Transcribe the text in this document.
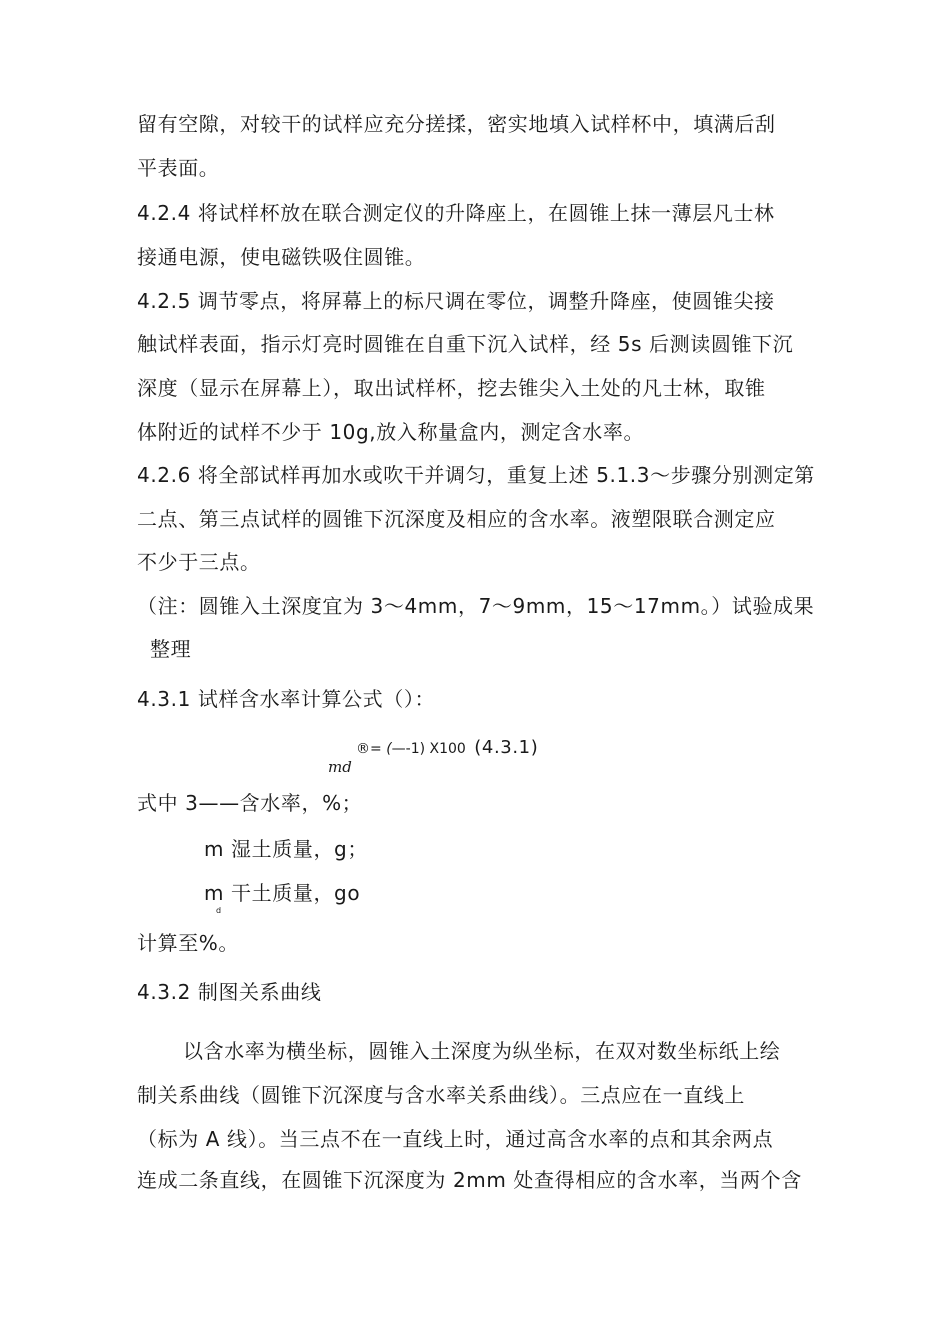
留有空隙，对较干的试样应充分搓揉，密实地填入试样杯中，填满后刮
平表面。
4.2.4 将试样杯放在联合测定仪的升降座上，在圆锥上抹一薄层凡士林
接通电源，使电磁铁吸住圆锥。
4.2.5 调节零点，将屏幕上的标尺调在零位，调整升降座，使圆锥尖接
触试样表面，指示灯亮时圆锥在自重下沉入试样，经 5s 后测读圆锥下沉
深度（显示在屏幕上），取出试样杯，挖去锥尖入土处的凡士林，取锥
体附近的试样不少于 10g,放入称量盒内，测定含水率。
4.2.6 将全部试样再加水或吹干并调匀，重复上述 5.1.3〜步骤分别测定第
二点、第三点试样的圆锥下沉深度及相应的含水率。液塑限联合测定应
不少于三点。
（注：圆锥入土深度宜为 3〜4mm，7〜9mm，15〜17mm。）试验成果
整理
4.3.1 试样含水率计算公式（）：
md
®= (—-1) X100 (4.3.1)
式中 3——含水率，%；
m 湿土质量，g；
m 干土质量，go
d
计算至%。
4.3.2 制图关系曲线
以含水率为横坐标，圆锥入土深度为纵坐标，在双对数坐标纸上绘
制关系曲线（圆锥下沉深度与含水率关系曲线）。三点应在一直线上
（标为 A 线）。当三点不在一直线上时，通过高含水率的点和其余两点
连成二条直线，在圆锥下沉深度为 2mm 处查得相应的含水率，当两个含
